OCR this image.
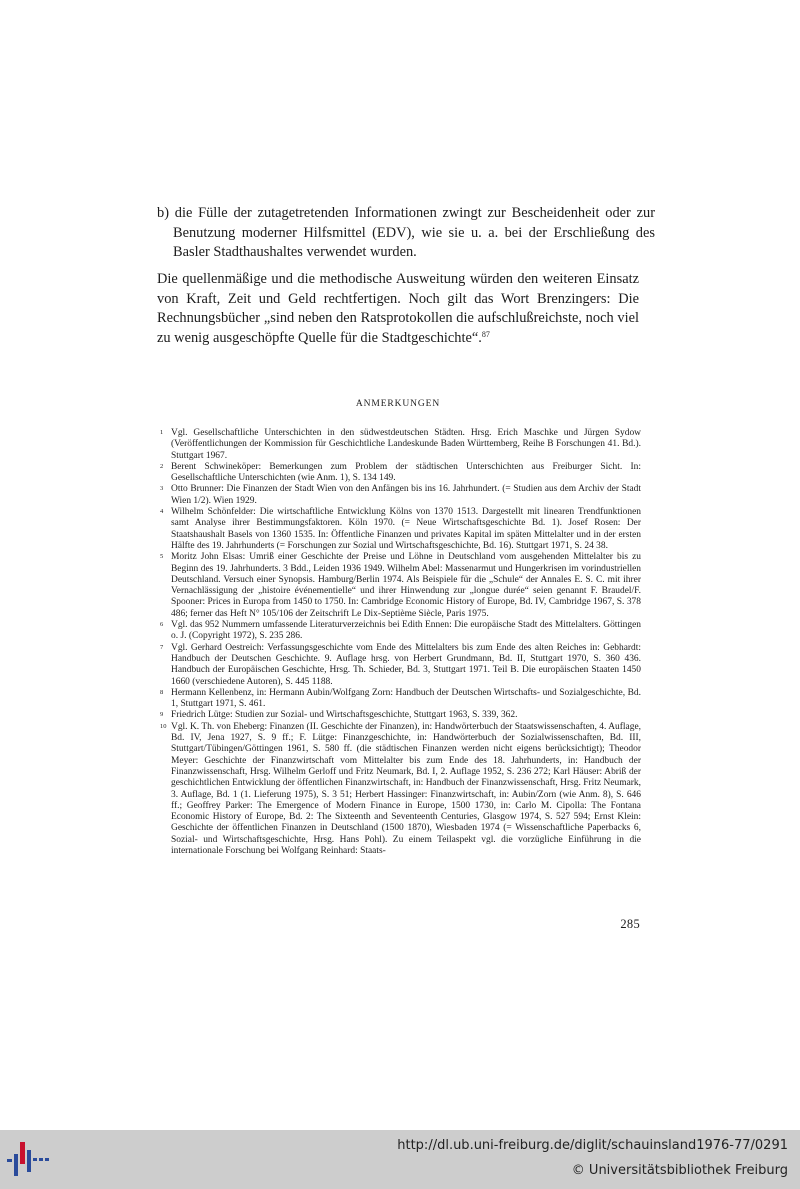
b) die Fülle der zutagetretenden Informationen zwingt zur Bescheidenheit oder zur Benutzung moderner Hilfsmittel (EDV), wie sie u. a. bei der Erschließung des Basler Stadthaushaltes verwendet wurden.

Die quellenmäßige und die methodische Ausweitung würden den weiteren Einsatz von Kraft, Zeit und Geld rechtfertigen. Noch gilt das Wort Brenzingers: Die Rechnungsbücher „sind neben den Ratsprotokollen die aufschlußreichste, noch viel zu wenig ausgeschöpfte Quelle für die Stadtgeschichte“.$^{87}$

ANMERKUNGEN
1 Vgl. Gesellschaftliche Unterschichten in den südwestdeutschen Städten. Hrsg. Erich Maschke und Jürgen Sydow (Veröffentlichungen der Kommission für Geschichtliche Landeskunde Baden Württemberg, Reihe B Forschungen 41. Bd.). Stuttgart 1967.
2 Berent Schwineköper: Bemerkungen zum Problem der städtischen Unterschichten aus Freiburger Sicht. In: Gesellschaftliche Unterschichten (wie Anm. 1), S. 134 149.
3 Otto Brunner: Die Finanzen der Stadt Wien von den Anfängen bis ins 16. Jahrhundert. (= Studien aus dem Archiv der Stadt Wien 1/2). Wien 1929.
4 Wilhelm Schönfelder: Die wirtschaftliche Entwicklung Kölns von 1370 1513. Dargestellt mit linearen Trendfunktionen samt Analyse ihrer Bestimmungsfaktoren. Köln 1970. (= Neue Wirtschaftsgeschichte Bd. 1). Josef Rosen: Der Staatshaushalt Basels von 1360 1535. In: Öffentliche Finanzen und privates Kapital im späten Mittelalter und in der ersten Hälfte des 19. Jahrhunderts (= Forschungen zur Sozial und Wirtschaftsgeschichte, Bd. 16). Stuttgart 1971, S. 24 38.
5 Moritz John Elsas: Umriß einer Geschichte der Preise und Löhne in Deutschland vom ausgehenden Mittelalter bis zu Beginn des 19. Jahrhunderts. 3 Bdd., Leiden 1936 1949. Wilhelm Abel: Massenarmut und Hungerkrisen im vorindustriellen Deutschland. Versuch einer Synopsis. Hamburg/Berlin 1974. Als Beispiele für die „Schule“ der Annales E. S. C. mit ihrer Vernachlässigung der „histoire événementielle“ und ihrer Hinwendung zur „longue durée“ seien genannt F. Braudel/F. Spooner: Prices in Europa from 1450 to 1750. In: Cambridge Economic History of Europe, Bd. IV, Cambridge 1967, S. 378 486; ferner das Heft N° 105/106 der Zeitschrift Le Dix-Septième Siècle, Paris 1975.
6 Vgl. das 952 Nummern umfassende Literaturverzeichnis bei Edith Ennen: Die europäische Stadt des Mittelalters. Göttingen o. J. (Copyright 1972), S. 235 286.
7 Vgl. Gerhard Oestreich: Verfassungsgeschichte vom Ende des Mittelalters bis zum Ende des alten Reiches in: Gebhardt: Handbuch der Deutschen Geschichte. 9. Auflage hrsg. von Herbert Grundmann, Bd. II, Stuttgart 1970, S. 360 436. Handbuch der Europäischen Geschichte, Hrsg. Th. Schieder, Bd. 3, Stuttgart 1971. Teil B. Die europäischen Staaten 1450 1660 (verschiedene Autoren), S. 445 1188.
8 Hermann Kellenbenz, in: Hermann Aubin/Wolfgang Zorn: Handbuch der Deutschen Wirtschafts- und Sozialgeschichte, Bd. 1, Stuttgart 1971, S. 461.
9 Friedrich Lütge: Studien zur Sozial- und Wirtschaftsgeschichte, Stuttgart 1963, S. 339, 362.
10 Vgl. K. Th. von Eheberg: Finanzen (II. Geschichte der Finanzen), in: Handwörterbuch der Staatswissenschaften, 4. Auflage, Bd. IV, Jena 1927, S. 9 ff.; F. Lütge: Finanzgeschichte, in: Handwörterbuch der Sozialwissenschaften, Bd. III, Stuttgart/Tübingen/Göttingen 1961, S. 580 ff. (die städtischen Finanzen werden nicht eigens berücksichtigt); Theodor Meyer: Geschichte der Finanzwirtschaft vom Mittelalter bis zum Ende des 18. Jahrhunderts, in: Handbuch der Finanzwissenschaft, Hrsg. Wilhelm Gerloff und Fritz Neumark, Bd. I, 2. Auflage 1952, S. 236 272; Karl Häuser: Abriß der geschichtlichen Entwicklung der öffentlichen Finanzwirtschaft, in: Handbuch der Finanzwissenschaft, Hrsg. Fritz Neumark, 3. Auflage, Bd. 1 (1. Lieferung 1975), S. 3 51; Herbert Hassinger: Finanzwirtschaft, in: Aubin/Zorn (wie Anm. 8), S. 646 ff.; Geoffrey Parker: The Emergence of Modern Finance in Europe, 1500 1730, in: Carlo M. Cipolla: The Fontana Economic History of Europe, Bd. 2: The Sixteenth and Seventeenth Centuries, Glasgow 1974, S. 527 594; Ernst Klein: Geschichte der öffentlichen Finanzen in Deutschland (1500 1870), Wiesbaden 1974 (= Wissenschaftliche Paperbacks 6, Sozial- und Wirtschaftsgeschichte, Hrsg. Hans Pohl). Zu einem Teilaspekt vgl. die vorzügliche Einführung in die internationale Forschung bei Wolfgang Reinhard: Staats-
285
http://dl.ub.uni-freiburg.de/diglit/schauinsland1976-77/0291
© Universitätsbibliothek Freiburg
